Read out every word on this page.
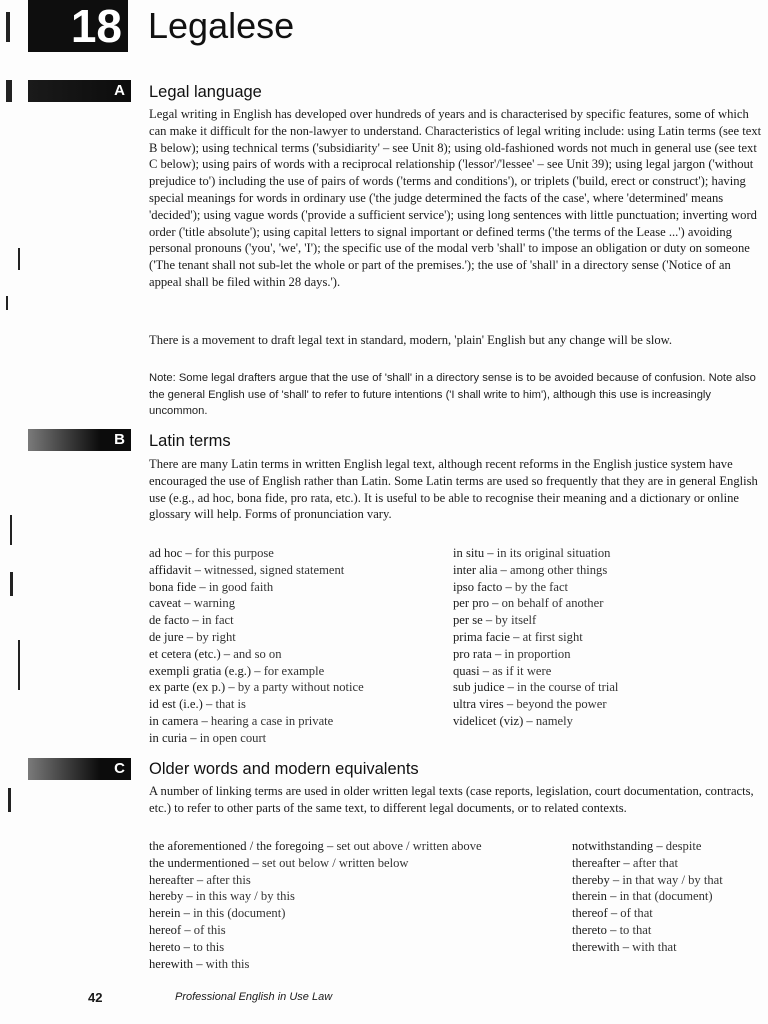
18 Legalese
A	Legal language
Legal writing in English has developed over hundreds of years and is characterised by specific features, some of which can make it difficult for the non-lawyer to understand. Characteristics of legal writing include: using Latin terms (see text B below); using technical terms ('subsidiarity' – see Unit 8); using old-fashioned words not much in general use (see text C below); using pairs of words with a reciprocal relationship ('lessor'/'lessee' – see Unit 39); using legal jargon ('without prejudice to') including the use of pairs of words ('terms and conditions'), or triplets ('build, erect or construct'); having special meanings for words in ordinary use ('the judge determined the facts of the case', where 'determined' means 'decided'); using vague words ('provide a sufficient service'); using long sentences with little punctuation; inverting word order ('title absolute'); using capital letters to signal important or defined terms ('the terms of the Lease ...') avoiding personal pronouns ('you', 'we', 'I'); the specific use of the modal verb 'shall' to impose an obligation or duty on someone ('The tenant shall not sub-let the whole or part of the premises.'); the use of 'shall' in a directory sense ('Notice of an appeal shall be filed within 28 days.').
There is a movement to draft legal text in standard, modern, 'plain' English but any change will be slow.
Note: Some legal drafters argue that the use of 'shall' in a directory sense is to be avoided because of confusion. Note also the general English use of 'shall' to refer to future intentions ('I shall write to him'), although this use is increasingly uncommon.
B	Latin terms
There are many Latin terms in written English legal text, although recent reforms in the English justice system have encouraged the use of English rather than Latin. Some Latin terms are used so frequently that they are in general English use (e.g., ad hoc, bona fide, pro rata, etc.). It is useful to be able to recognise their meaning and a dictionary or online glossary will help. Forms of pronunciation vary.
ad hoc – for this purpose
affidavit – witnessed, signed statement
bona fide – in good faith
caveat – warning
de facto – in fact
de jure – by right
et cetera (etc.) – and so on
exempli gratia (e.g.) – for example
ex parte (ex p.) – by a party without notice
id est (i.e.) – that is
in camera – hearing a case in private
in curia – in open court
in situ – in its original situation
inter alia – among other things
ipso facto – by the fact
per pro – on behalf of another
per se – by itself
prima facie – at first sight
pro rata – in proportion
quasi – as if it were
sub judice – in the course of trial
ultra vires – beyond the power
videlicet (viz) – namely
C	Older words and modern equivalents
A number of linking terms are used in older written legal texts (case reports, legislation, court documentation, contracts, etc.) to refer to other parts of the same text, to different legal documents, or to related contexts.
the aforementioned / the foregoing – set out above / written above
the undermentioned – set out below / written below
hereafter – after this
hereby – in this way / by this
herein – in this (document)
hereof – of this
hereto – to this
herewith – with this
notwithstanding – despite
thereafter – after that
thereby – in that way / by that
therein – in that (document)
thereof – of that
thereto – to that
therewith – with that
42	Professional English in Use Law
